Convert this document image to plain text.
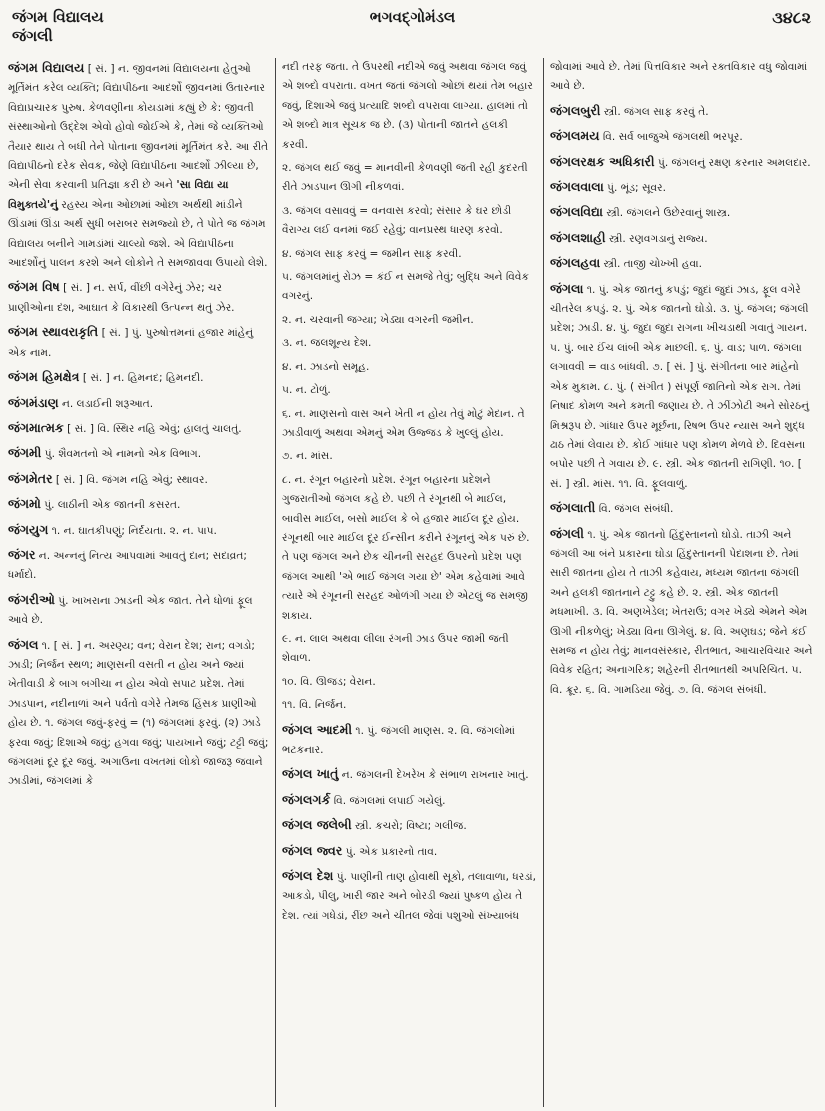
જંગમ વિદ્યાલય
જંગલી
ભગવદ્ગોમંડલ	૩૪૮૨

જંગમ વિદ્યાલય [ સં. ] ન. જીવનમાં વિદ્યાલયના હેતુઓ મૂર્તિમંત કરેલ વ્યક્તિ; વિદ્યાપીઠના આદર્શો જીવનમાં ઉતારનાર વિદ્યાપ્રચારક પુરુષ. કેળવણીના કોયડામાં કહ્યું છે કે: જીવતી સંસ્થાઓનો ઉદ્દેશ એવો હોવો જોઈએ કે, તેમાં જે વ્યક્તિઓ તૈયાર થાય તે બધી તેને પોતાના જીવનમાં મૂર્તિમંત કરે. આ રીતે વિદ્યાપીઠનો દરેક સેવક, જેણે વિદ્યાપીઠના આદર્શો ઝીલ્યા છે, એની સેવા કરવાની પ્રતિજ્ઞા કરી છે અને 'સા વિદ્યા યા વિમુક્તયે'નું રહસ્ય એના ઓછામાં ઓછા અર્થથી માંડીને ઊંડામાં ઊંડા અર્થ સુધી બરાબર સમજ્યો છે, તે પોતે જ જંગમ વિદ્યાલય બનીને ગામડાંમાં ચાલ્યો જશે. એ વિદ્યાપીઠના આદર્શોનું પાલન કરશે અને લોકોને તે સમજાવવા ઉપાયો લેશે.

જંગમ વિષ [ સં. ] ન. સર્પ, વીંછી વગેરેનું ઝેર; ચર પ્રાણીઓના દંશ, આઘાત કે વિકારથી ઉત્પન્ન થતું ઝેર.

જંગમ સ્થાવરાકૃતિ [ સં. ] પું. પુરુષોત્તમનાં હજાર માંહેનું એક નામ.

જંગમ હિમક્ષેત્ર [ સં. ] ન. હિમનદ; હિમનદી.

જંગમંડાણ ન. લડાઈની શરૂઆત.

જંગમાત્મક [ સં. ] વિ. સ્થિર નહિ એવું; હાલતું ચાલતું.

જંગમી પું. શૈવમતનો એ નામનો એક વિભાગ.

જંગમેતર [ સં. ] વિ. જંગમ નહિ એવું; સ્થાવર.

જંગમો પું. લાઠીની એક જાતની કસરત.

જંગયુગ ૧. ન. ઘાતકીપણું; નિર્દયતા. ૨. ન. પાપ.

જંગર ન. અન્નનું નિત્ય આપવામાં આવતું દાન; સદાવ્રત; ધર્માદો.

જંગરીઓ પું. ખાખરાના ઝાડની એક જાત. તેને ધોળાં ફૂલ આવે છે.

જંગલ ૧. [ સં. ] ન. અરણ્ય; વન; વેરાન દેશ; રાન; વગડો; ઝાડી; નિર્જન સ્થળ; માણસની વસતી ન હોય અને જ્યાં ખેતીવાડી કે બાગ બગીચા ન હોય એવો સપાટ પ્રદેશ. તેમાં ઝાડપાન, નદીનાળાં અને પર્વતો વગેરે તેમજ હિંસક પ્રાણીઓ હોય છે. ૧. જંગલ જવું-ફરવું = (૧) જંગલમાં ફરવું. (૨) ઝાડે ફરવા જવું; દિશાએ જવું; હગવા જવું; પાયખાને જવું; ટટ્ટી જવું; જંગલમાં દૂર દૂર જવું. અગાઉના વખતમાં લોકો જાજરૂ જવાને ઝાડીમાં, જંગલમાં કે

નદી તરફ જતા. તે ઉપરથી નદીએ જવું અથવા જંગલ જવું એ શબ્દો વપરાતા. વખત જતાં જંગલો ઓછાં થયાં તેમ બહાર જવું, દિશાએ જવું પ્રત્યાદિ શબ્દો વપરાવા લાગ્યા. હાલમાં તો એ શબ્દો માત્ર સૂચક જ છે. (૩) પોતાની જાતને હલકી કરવી.

૨. જંગલ થઈ જવું = માનવીની કેળવણી જતી રહી કુદરતી રીતે ઝાડપાન ઊગી નીકળવાં.

૩. જંગલ વસાવવું = વનવાસ કરવો; સંસાર કે ઘર છોડી વૈરાગ્ય લઈ વનમાં જઈ રહેવું; વાનપ્રસ્થ ધારણ કરવો.

૪. જંગલ સાફ કરવું = જમીન સાફ કરવી.

૫. જંગલમાંનું રોઝ = કંઈ ન સમજે તેવું; બુદ્ધિ અને વિવેક વગરનું.

૨. ન. ચરવાની જગ્યા; ખેડ્યા વગરની જમીન.

૩. ન. જલશૂન્ય દેશ.

૪. ન. ઝાડનો સમૂહ.

૫. ન. ટોળું.

૬. ન. માણસનો વાસ અને ખેતી ન હોય તેવું મોટું મેદાન. તે ઝાડીવાળું અથવા એમનું એમ ઉજ્જડ કે ખુલ્લું હોય.

૭. ન. માંસ.

૮. ન. રંગૂન બહારનો પ્રદેશ. રંગૂન બહારના પ્રદેશને ગુજરાતીઓ જંગલ કહે છે. પછી તે રંગૂનથી બે માઈલ, બાવીસ માઈલ, બસો માઈલ કે બે હજાર માઈલ દૂર હોય. રંગૂનથી બાર માઈલ દૂર ઈન્સીન કરીને રંગૂનનું એક પરું છે. તે પણ જંગલ અને છેક ચીનની સરહદ ઉપરનો પ્રદેશ પણ જંગલ આથી 'એ ભાઈ જંગલ ગયા છે' એમ કહેવામાં આવે ત્યારે એ રંગૂનની સરહદ ઓળંગી ગયા છે એટલું જ સમજી શકાય.

૯. ન. લાલ અથવા લીલા રંગની ઝાડ ઉપર જામી જતી શેવાળ.

૧૦. વિ. ઊજડ; વેરાન.

૧૧. વિ. નિર્જન.

જંગલ આદમી ૧. પું. જંગલી માણસ. ૨. વિ. જંગલોમાં ભટકનાર.

જંગલ ખાતું ન. જંગલની દેખરેખ કે સંભાળ રાખનાર ખાતું.

જંગલગર્ક વિ. જંગલમાં લપાઈ ગયેલું.

જંગલ જલેબી સ્ત્રી. કચરો; વિષ્ટા; ગલીજ.

જંગલ જ્વર પું. એક પ્રકારનો તાવ.

જંગલ દેશ પું. પાણીની તાણ હોવાથી સૂકો, તલાવાળા, ધરડાં, આકડો, પીલુ, ખારી જાર અને બોરડી જ્યાં પુષ્કળ હોય તે દેશ. ત્યાં ગધેડાં, રીંછ અને ચીતલ જેવાં પશુઓ સંખ્યાબંધ

જોવામાં આવે છે. તેમાં પિત્તવિકાર અને રક્તવિકાર વધુ જોવામાં આવે છે.

જંગલબુરી સ્ત્રી. જંગલ સાફ કરવું તે.

જંગલમય વિ. સર્વ બાજુએ જંગલથી ભરપૂર.

જંગલરક્ષક અધિકારી પું. જંગલનું રક્ષણ કરનાર અમલદાર.

જંગલવાલા પું. ભૂંડ; સૂવર.

જંગલવિદ્યા સ્ત્રી. જંગલને ઉછેરવાનું શાસ્ત્ર.

જંગલશાહી સ્ત્રી. રણવગડાનું રાજ્ય.

જંગલહવા સ્ત્રી. તાજી ચોખ્ખી હવા.

જંગલા ૧. પું. એક જાતનું કપડું; જુદાં જુદાં ઝાડ, ફૂલ વગેરે ચીતરેલ કપડું. ૨. પું. એક જાતનો ઘોડો. ૩. પું. જંગલ; જંગલી પ્રદેશ; ઝાડી. ૪. પું. જુદા જુદા રાગના ખીચડાથી ગવાતું ગાયન. ૫. પું. બાર ઈંચ લાંબી એક માછલી. ૬. પું. વાડ; પાળ. જંગલા લગાવવી = વાડ બાંધવી. ૭. [ સં. ] પું. સંગીતના બાર માંહેનો એક મુકામ. ૮. પું. ( સંગીત ) સંપૂર્ણ જાતિનો એક રાગ. તેમાં નિષાદ કોમળ અને કમતી જણાય છે. તે ઝીંઝોટી અને સોરઠનું મિશ્રરૂપ છે. ગાંધાર ઉપર મૂર્છના, રિષભ ઉપર ન્યાસ અને શુદ્ધ ઢાઠ તેમાં લેવાય છે. કોઈ ગાંધાર પણ કોમળ મેળવે છે. દિવસના બપોર પછી તે ગવાય છે. ૯. સ્ત્રી. એક જાતની રાગિણી. ૧૦. [ સં. ] સ્ત્રી. માંસ. ૧૧. વિ. ફૂલવાળું.

જંગલાતી વિ. જંગલ સંબંધી.

જંગલી ૧. પું. એક જાતનો હિંદુસ્તાનનો ઘોડો. તાઝી અને જંગલી આ બંને પ્રકારના ઘોડા હિંદુસ્તાનની પેદાશના છે. તેમાં સારી જાતના હોય તે તાઝી કહેવાય, મધ્યમ જાતના જંગલી અને હલકી જાતનાને ટટ્ટુ કહે છે. ૨. સ્ત્રી. એક જાતની મધમાખી. ૩. વિ. અણખેડેલ; ખેતરાઉ; વગર ખેડ્યે એમને એમ ઊગી નીકળેલું; ખેડ્યા વિના ઊગેલું. ૪. વિ. અણઘડ; જેને કંઈ સમજ ન હોય તેવું; માનવસંસ્કાર, રીતભાત, આચારવિચાર અને વિવેક રહિત; અનાગરિક; શહેરની રીતભાતથી અપરિચિત. ૫. વિ. ક્રૂર. ૬. વિ. ગામડિયા જેવું. ૭. વિ. જંગલ સંબંધી.
